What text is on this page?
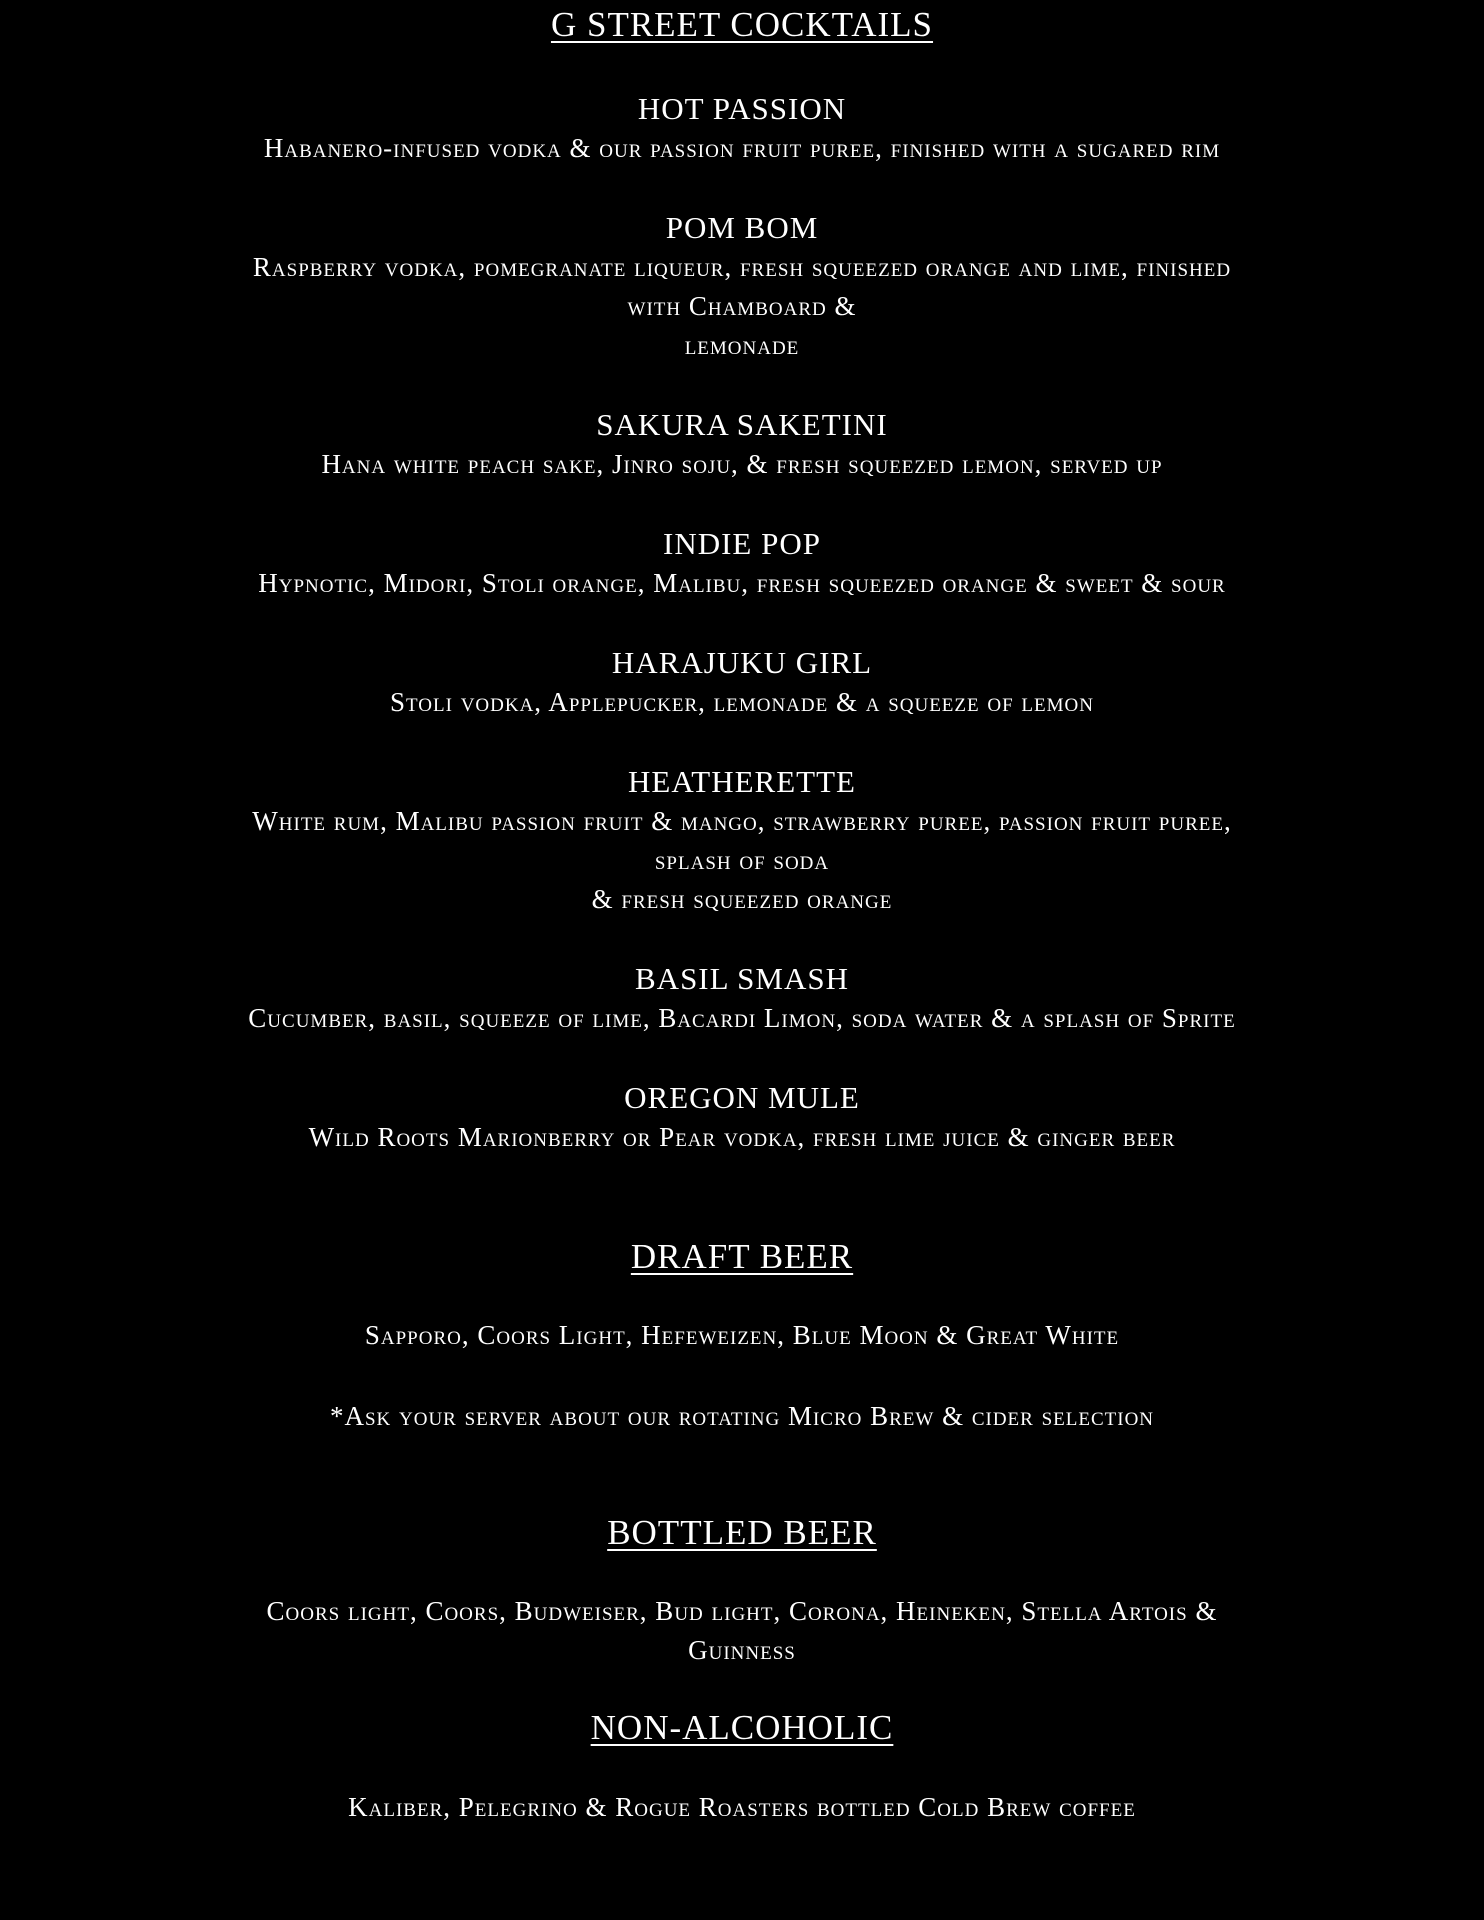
G STREET COCKTAILS
HOT PASSION

Habanero-infused vodka & our passion fruit puree, finished with a sugared rim

POM BOM

Raspberry vodka, pomegranate liqueur, fresh squeezed orange and lime, finished
with Chamboard &
lemonade

SAKURA SAKETINI

Hana white peach sake, Jinro soju, & fresh squeezed lemon, served up

INDIE POP

Hypnotic, Midori, Stoli orange, Malibu, fresh squeezed orange & sweet & sour

HARAJUKU GIRL

Stoli vodka, Applepucker, lemonade & a squeeze of lemon

HEATHERETTE

White rum, Malibu passion fruit & mango, strawberry puree, passion fruit puree,
splash of soda
& fresh squeezed orange

BASIL SMASH

Cucumber, basil, squeeze of lime, Bacardi Limon, soda water & a splash of Sprite

OREGON MULE

Wild Roots Marionberry or Pear vodka, fresh lime juice & ginger beer

DRAFT BEER

Sapporo, Coors Light, Hefeweizen, Blue Moon & Great White

*Ask your server about our rotating Micro Brew & cider selection

BOTTLED BEER

Coors light, Coors, Budweiser, Bud light, Corona, Heineken, Stella Artois &
Guinness

NON-ALCOHOLIC

Kaliber, Pelegrino & Rogue Roasters bottled Cold Brew coffee
